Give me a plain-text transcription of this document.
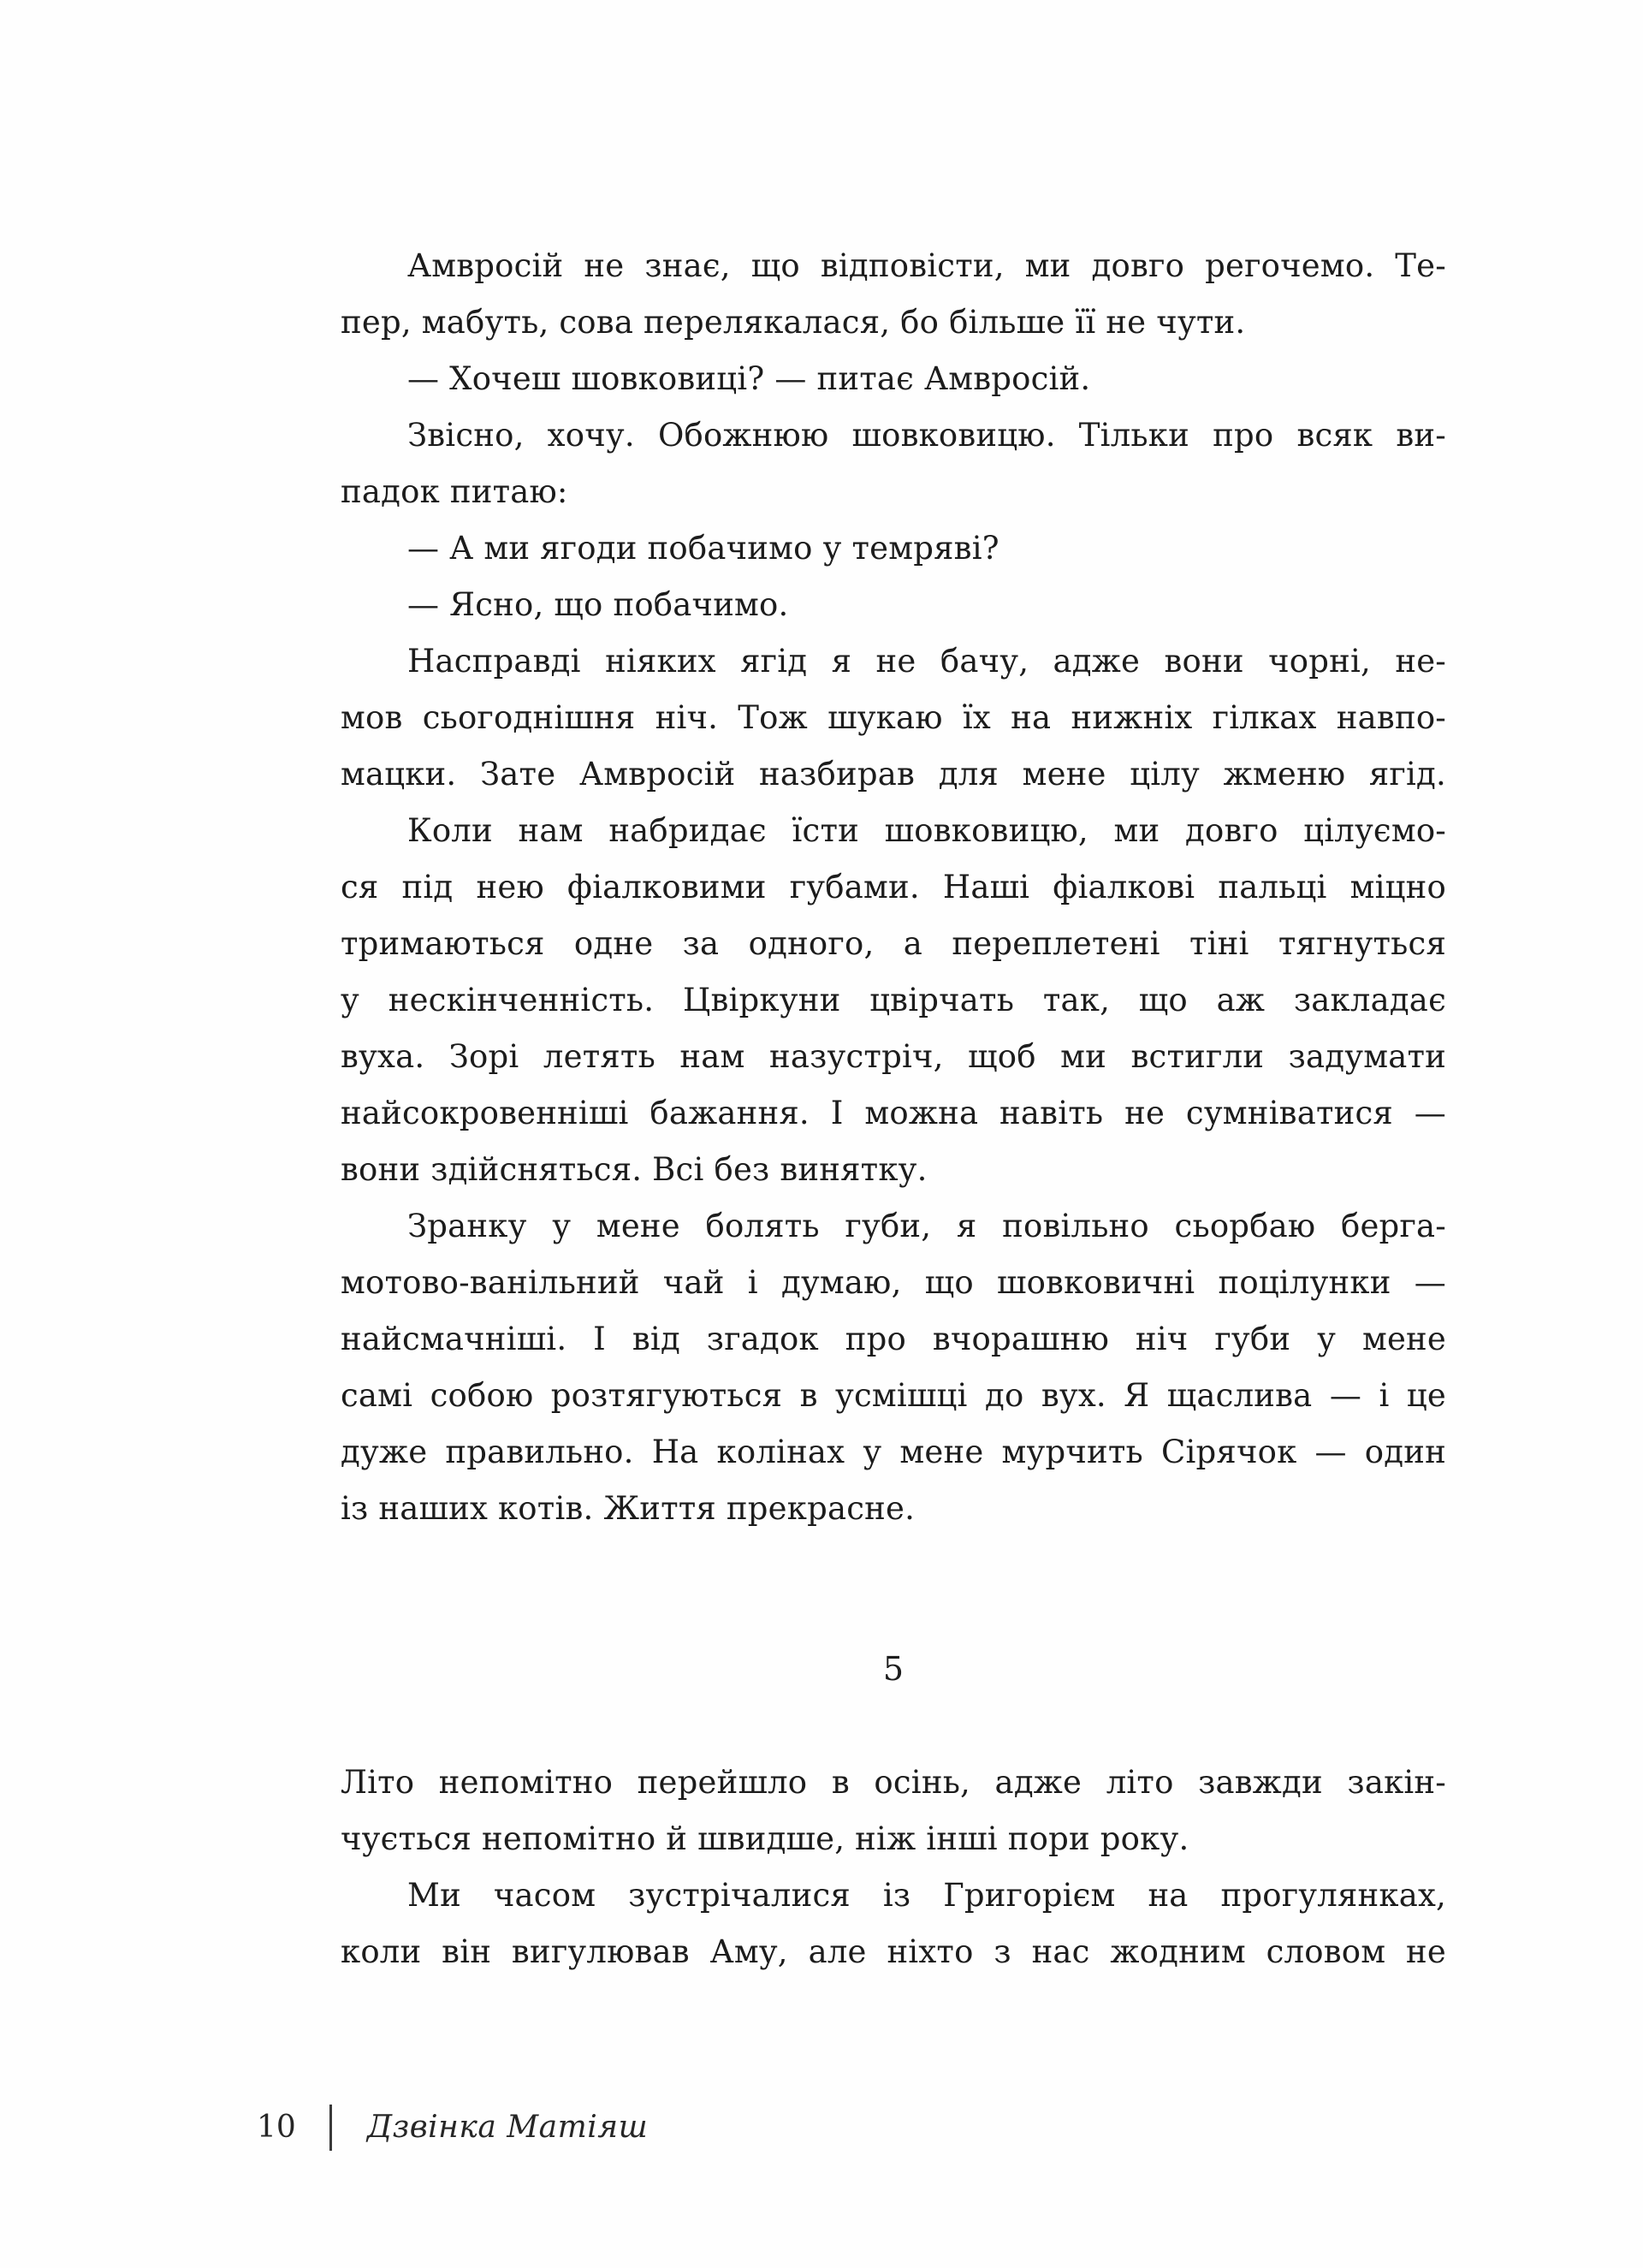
Амвросій не знає, що відповісти, ми довго регочемо. Те-
пер, мабуть, сова перелякалася, бо більше її не чути.
— Хочеш шовковиці? — питає Амвросій.
Звісно, хочу. Обожнюю шовковицю. Тільки про всяк ви-
падок питаю:
— А ми ягоди побачимо у темряві?
— Ясно, що побачимо.
Насправді ніяких ягід я не бачу, адже вони чорні, не-
мов сьогоднішня ніч. Тож шукаю їх на нижніх гілках навпо-
мацки. Зате Амвросій назбирав для мене цілу жменю ягід.
Коли нам набридає їсти шовковицю, ми довго цілуємо-
ся під нею фіалковими губами. Наші фіалкові пальці міцно
тримаються одне за одного, а переплетені тіні тягнуться
у нескінченність. Цвіркуни цвірчать так, що аж закладає
вуха. Зорі летять нам назустріч, щоб ми встигли задумати
найсокровенніші бажання. І можна навіть не сумніватися —
вони здійсняться. Всі без винятку.
Зранку у мене болять губи, я повільно сьорбаю берга-
мотово-ванільний чай і думаю, що шовковичні поцілунки —
найсмачніші. І від згадок про вчорашню ніч губи у мене
самі собою розтягуються в усмішці до вух. Я щаслива — і це
дуже правильно. На колінах у мене мурчить Сірячок — один
із наших котів. Життя прекрасне.
5
Літо непомітно перейшло в осінь, адже літо завжди закін-
чується непомітно й швидше, ніж інші пори року.
Ми часом зустрічалися із Григорієм на прогулянках,
коли він вигулював Аму, але ніхто з нас жодним словом не
10 Дзвінка Матіяш
